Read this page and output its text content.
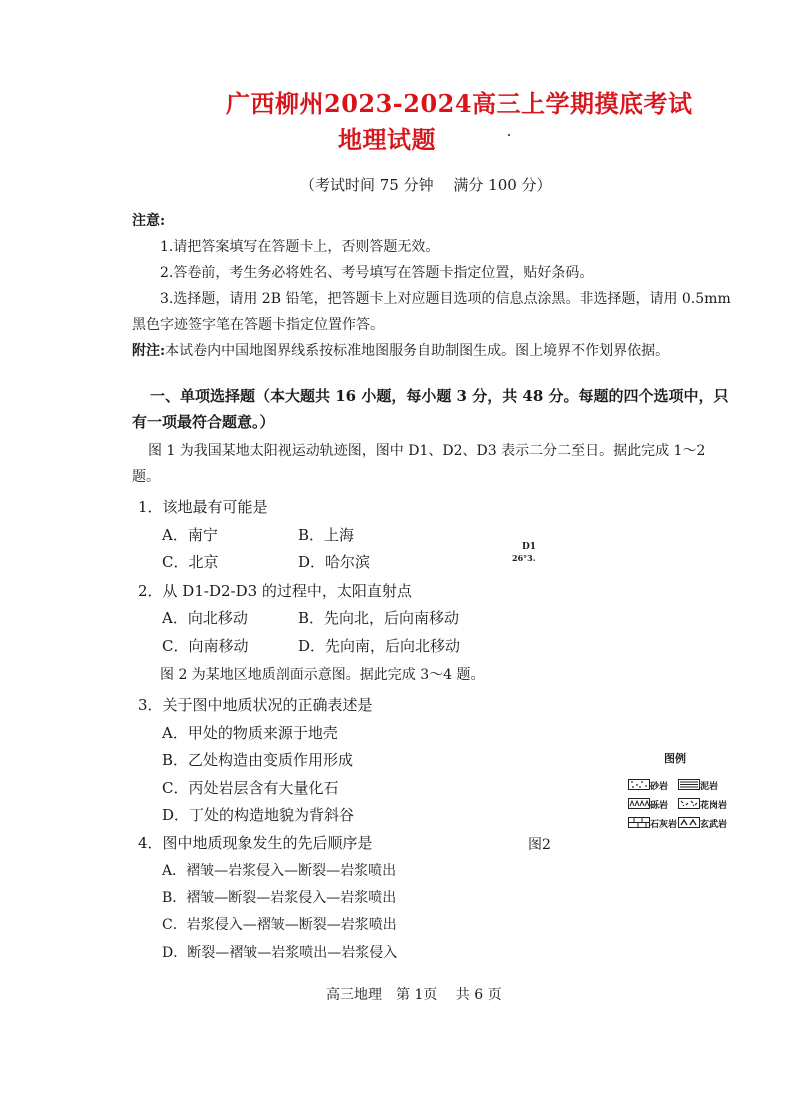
广西柳州2023-2024高三上学期摸底考试
地理试题
（考试时间 75 分钟　 满分 100 分）
注意:
1.请把答案填写在答题卡上，否则答题无效。
2.答卷前，考生务必将姓名、考号填写在答题卡指定位置，贴好条码。
3.选择题，请用 2B 铅笔，把答题卡上对应题目选项的信息点涂黑。非选择题，请用 0.5mm
黑色字迹签字笔在答题卡指定位置作答。
附注:本试卷内中国地图界线系按标准地图服务自助制图生成。图上境界不作划界依据。
一、单项选择题（本大题共 16 小题，每小题 3 分，共 48 分。每题的四个选项中，只
有一项最符合题意。）
图 1 为我国某地太阳视运动轨迹图，图中 D1、D2、D3 表示二分二至日。据此完成 1～2
题。
1．该地最有可能是
A．南宁	B．上海
C．北京	D．哈尔滨
D1
26°3.
2．从 D1-D2-D3 的过程中，太阳直射点
A．向北移动	B．先向北，后向南移动
C．向南移动	D．先向南，后向北移动
图 2 为某地区地质剖面示意图。据此完成 3～4 题。
3．关于图中地质状况的正确表述是
A．甲处的物质来源于地壳
B．乙处构造由变质作用形成
C．丙处岩层含有大量化石
D．丁处的构造地貌为背斜谷
图例
砂岩	泥岩
砾岩	花岗岩
石灰岩	玄武岩
4．图中地质现象发生的先后顺序是	图2
A．褶皱—岩浆侵入—断裂—岩浆喷出
B．褶皱—断裂—岩浆侵入—岩浆喷出
C．岩浆侵入—褶皱—断裂—岩浆喷出
D．断裂—褶皱—岩浆喷出—岩浆侵入
高三地理　第 1页　 共 6 页
